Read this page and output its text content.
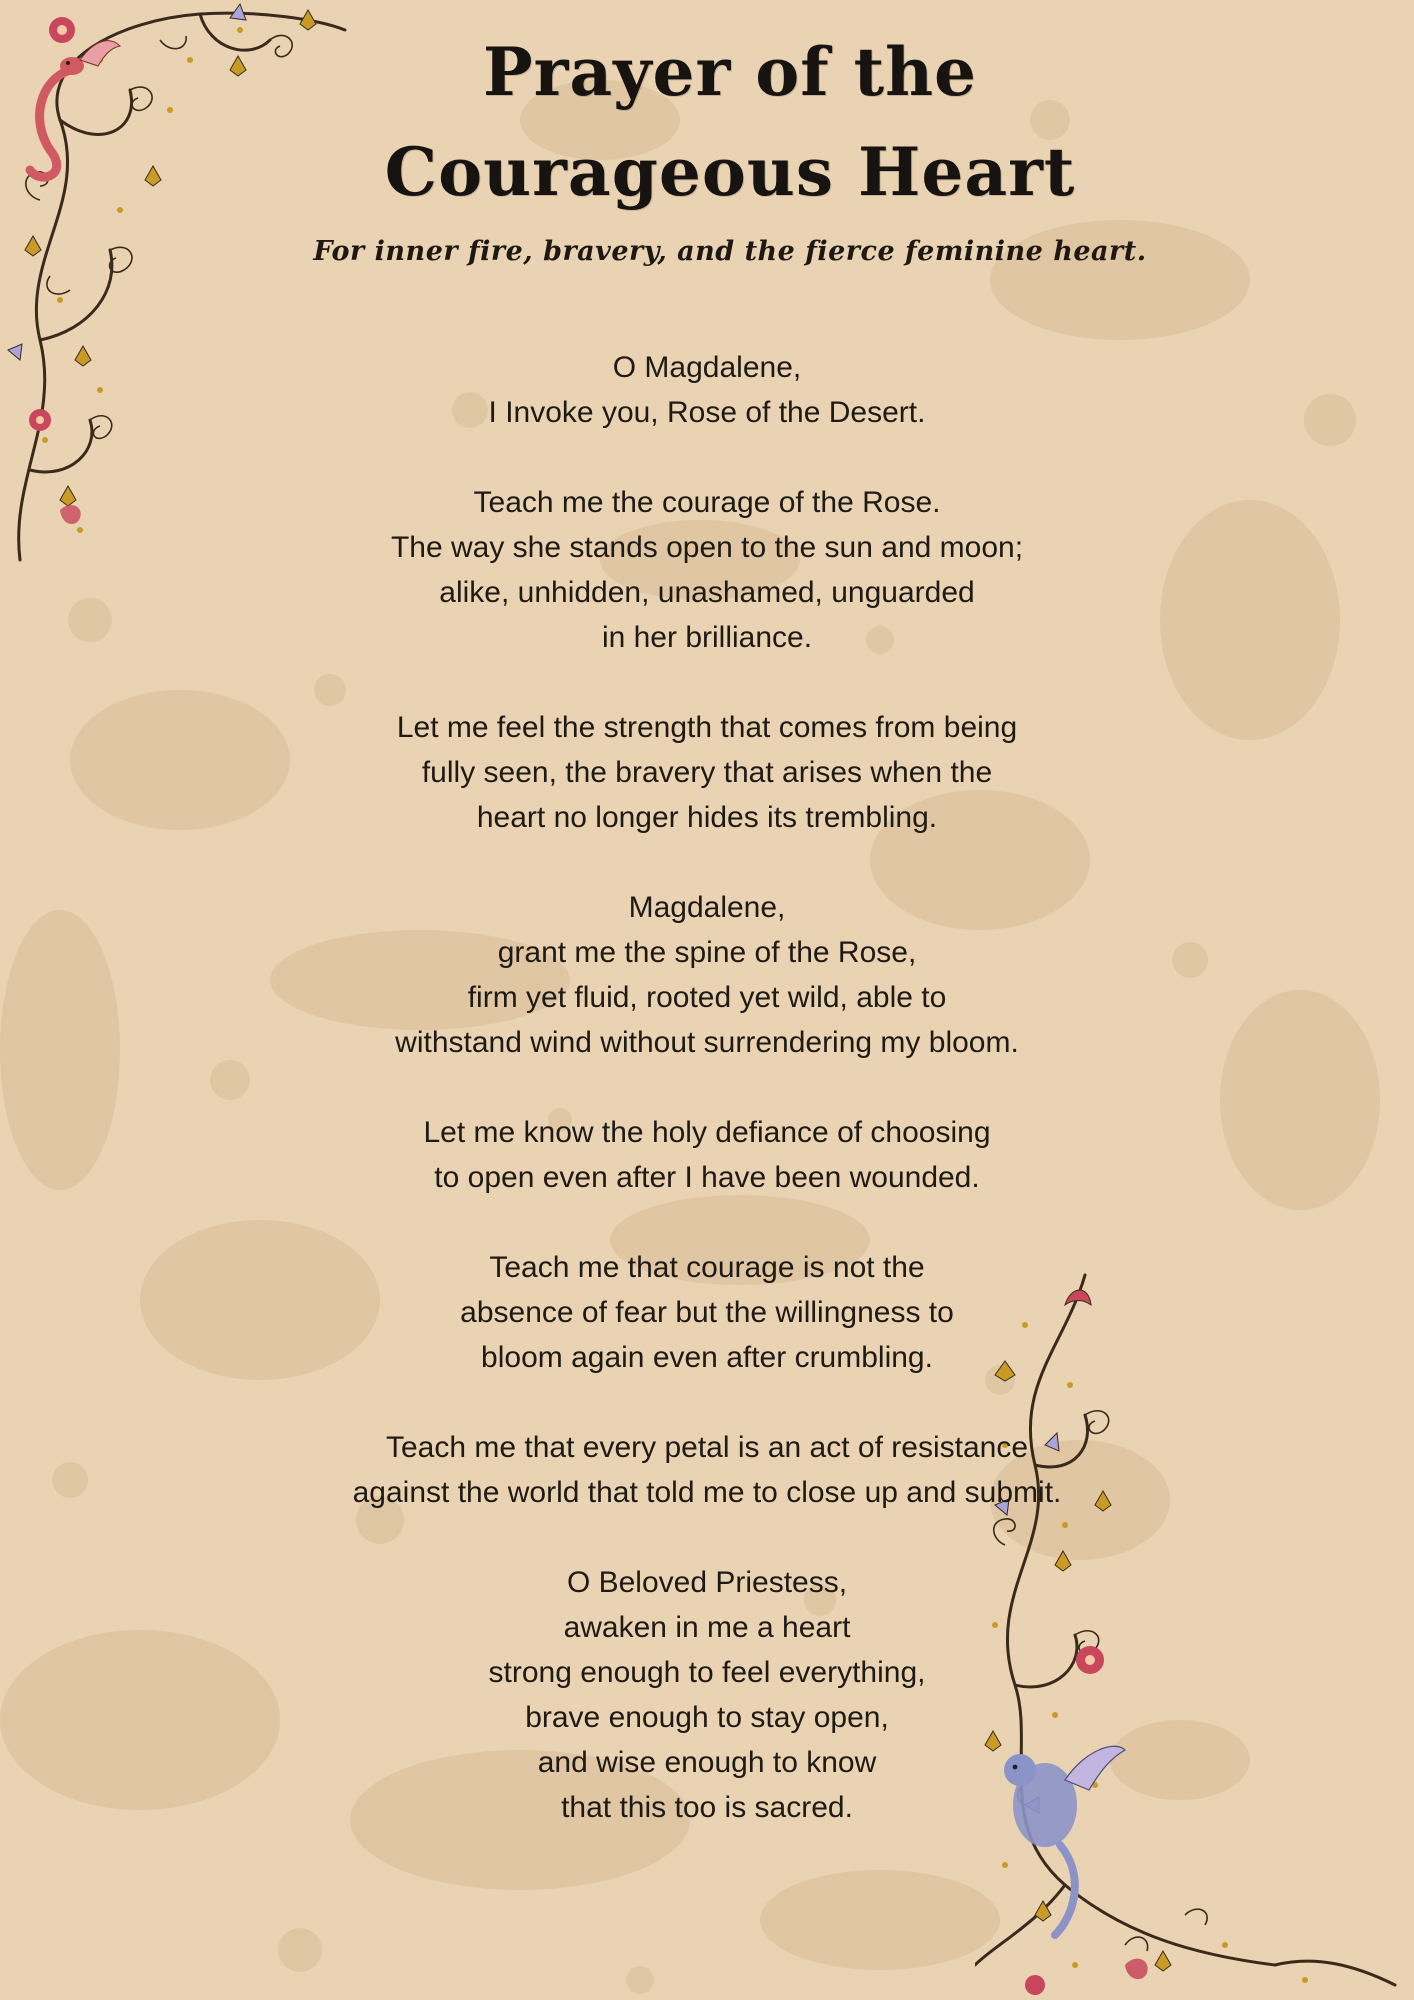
Prayer of the
Courageous Heart
For inner fire, bravery, and the fierce feminine heart.
O Magdalene,
I Invoke you, Rose of the Desert.
Teach me the courage of the Rose.
The way she stands open to the sun and moon;
alike, unhidden, unashamed, unguarded
in her brilliance.
Let me feel the strength that comes from being
fully seen, the bravery that arises when the
heart no longer hides its trembling.
Magdalene,
grant me the spine of the Rose,
firm yet fluid, rooted yet wild, able to
withstand wind without surrendering my bloom.
Let me know the holy defiance of choosing
to open even after I have been wounded.
Teach me that courage is not the
absence of fear but the willingness to
bloom again even after crumbling.
Teach me that every petal is an act of resistance
against the world that told me to close up and submit.
O Beloved Priestess,
awaken in me a heart
strong enough to feel everything,
brave enough to stay open,
and wise enough to know
that this too is sacred.
